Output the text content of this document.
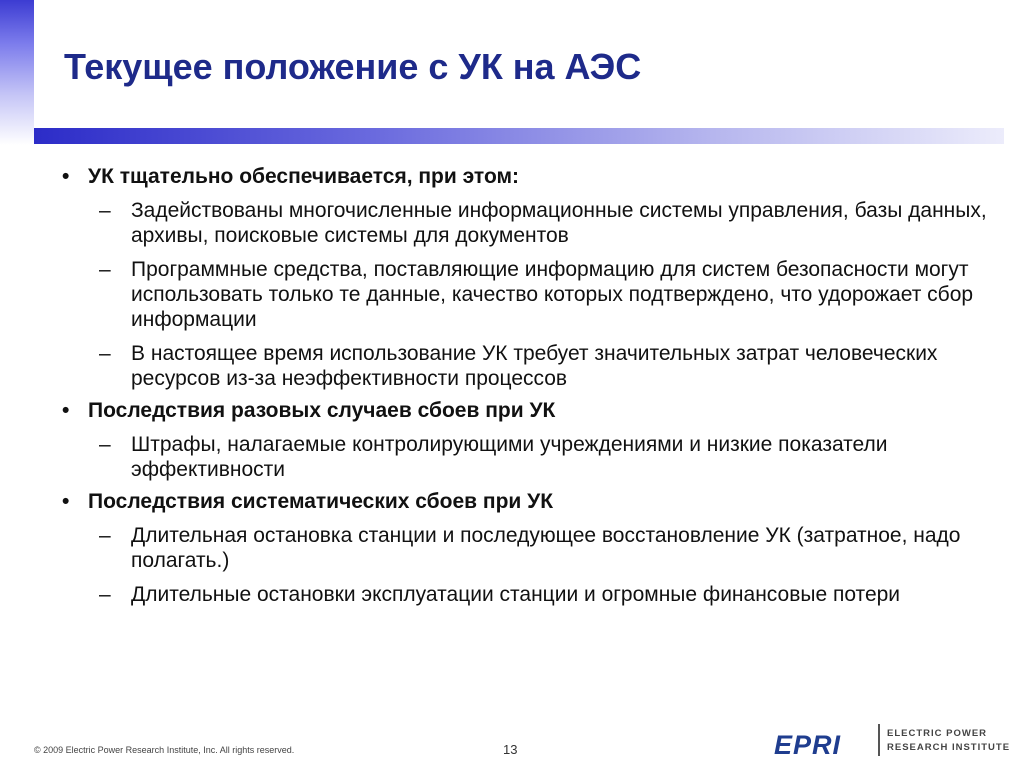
Текущее положение с УК на АЭС
• УК тщательно обеспечивается, при этом:
– Задействованы многочисленные информационные системы управления, базы данных, архивы, поисковые системы для документов
– Программные средства, поставляющие информацию для систем безопасности могут использовать только те данные, качество которых подтверждено, что удорожает сбор информации
– В настоящее время использование УК требует значительных затрат человеческих ресурсов из-за неэффективности процессов
• Последствия разовых случаев сбоев при УК
– Штрафы, налагаемые контролирующими учреждениями и низкие показатели эффективности
• Последствия систематических сбоев при УК
– Длительная остановка станции и последующее восстановление УК (затратное, надо полагать.)
– Длительные остановки эксплуатации станции и огромные финансовые потери
© 2009 Electric Power Research Institute, Inc. All rights reserved.	13	EPRI	ELECTRIC POWER
RESEARCH INSTITUTE
